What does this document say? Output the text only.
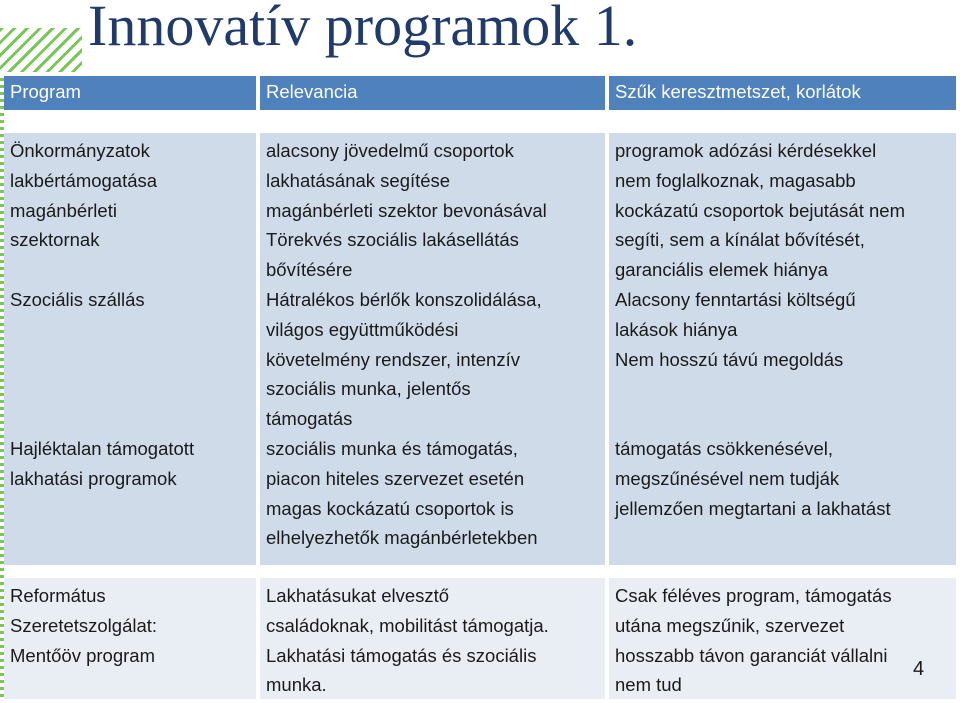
Innovatív programok 1.
Program	Relevancia	Szűk keresztmetszet, korlátok
Önkormányzatok
lakbértámogatása
magánbérleti
szektornak

Szociális szállás

Hajléktalan támogatott
lakhatási programok
alacsony jövedelmű csoportok
lakhatásának segítése
magánbérleti szektor bevonásával
Törekvés szociális lakásellátás
bővítésére
Hátralékos bérlők konszolidálása,
világos együttműködési
követelmény rendszer, intenzív
szociális munka, jelentős
támogatás
szociális munka és támogatás,
piacon hiteles szervezet esetén
magas kockázatú csoportok is
elhelyezhetők magánbérletekben
programok adózási kérdésekkel
nem foglalkoznak, magasabb
kockázatú csoportok bejutását nem
segíti, sem a kínálat bővítését,
garanciális elemek hiánya
Alacsony fenntartási költségű
lakások hiánya
Nem hosszú távú megoldás

támogatás csökkenésével,
megszűnésével nem tudják
jellemzően megtartani a lakhatást
Református
Szeretetszolgálat:
Mentőöv program
Lakhatásukat elvesztő
családoknak, mobilitást támogatja.
Lakhatási támogatás és szociális
munka.
Csak féléves program, támogatás
utána megszűnik, szervezet
hosszabb távon garanciát vállalni
nem tud

4
